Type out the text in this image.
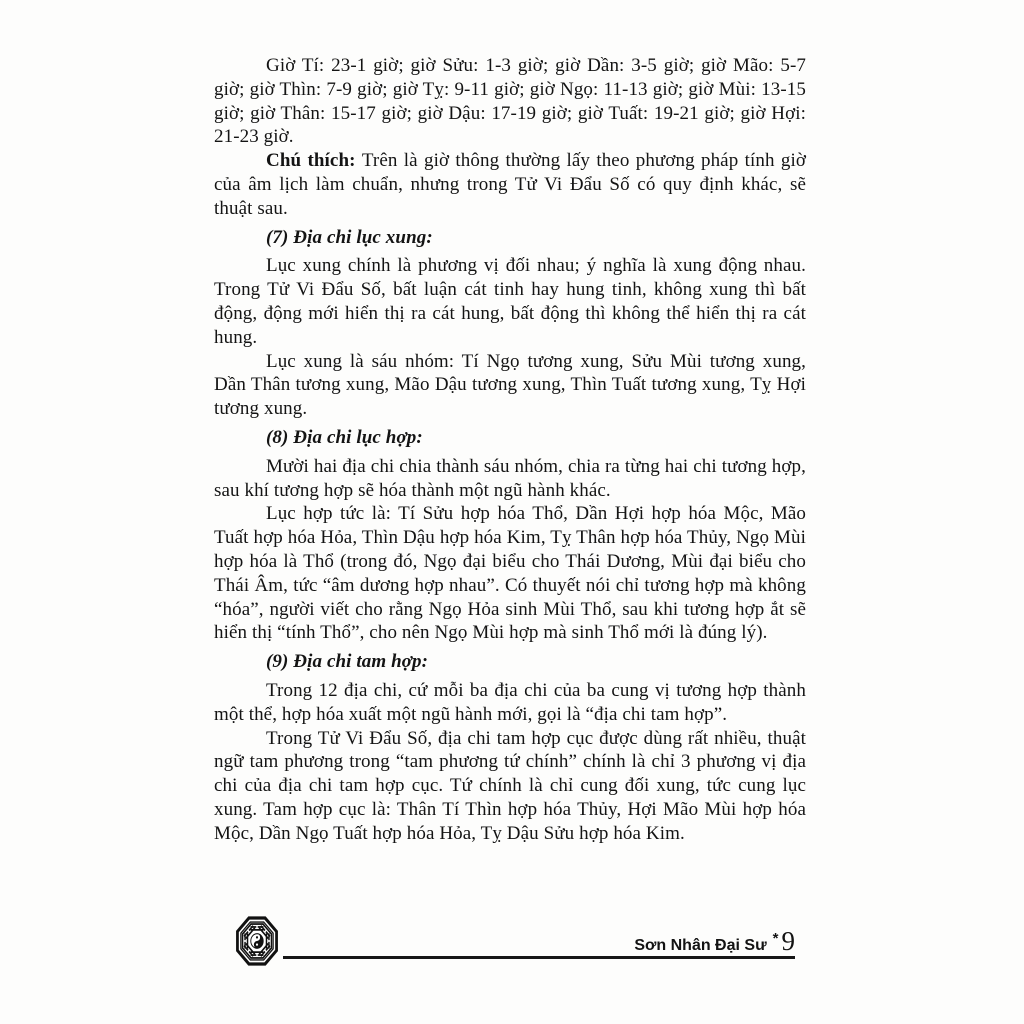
Giờ Tí: 23-1 giờ; giờ Sửu: 1-3 giờ; giờ Dần: 3-5 giờ; giờ Mão: 5-7 giờ; giờ Thìn: 7-9 giờ; giờ Tỵ: 9-11 giờ; giờ Ngọ: 11-13 giờ; giờ Mùi: 13-15 giờ; giờ Thân: 15-17 giờ; giờ Dậu: 17-19 giờ; giờ Tuất: 19-21 giờ; giờ Hợi: 21-23 giờ.

Chú thích: Trên là giờ thông thường lấy theo phương pháp tính giờ của âm lịch làm chuẩn, nhưng trong Tử Vi Đẩu Số có quy định khác, sẽ thuật sau.

(7) Địa chi lục xung:

Lục xung chính là phương vị đối nhau; ý nghĩa là xung động nhau. Trong Tử Vi Đẩu Số, bất luận cát tinh hay hung tinh, không xung thì bất động, động mới hiển thị ra cát hung, bất động thì không thể hiển thị ra cát hung.

Lục xung là sáu nhóm: Tí Ngọ tương xung, Sửu Mùi tương xung, Dần Thân tương xung, Mão Dậu tương xung, Thìn Tuất tương xung, Tỵ Hợi tương xung.

(8) Địa chi lục hợp:

Mười hai địa chi chia thành sáu nhóm, chia ra từng hai chi tương hợp, sau khí tương hợp sẽ hóa thành một ngũ hành khác.

Lục hợp tức là: Tí Sửu hợp hóa Thổ, Dần Hợi hợp hóa Mộc, Mão Tuất hợp hóa Hỏa, Thìn Dậu hợp hóa Kim, Tỵ Thân hợp hóa Thủy, Ngọ Mùi hợp hóa là Thổ (trong đó, Ngọ đại biểu cho Thái Dương, Mùi đại biểu cho Thái Âm, tức “âm dương hợp nhau”. Có thuyết nói chỉ tương hợp mà không “hóa”, người viết cho rằng Ngọ Hỏa sinh Mùi Thổ, sau khi tương hợp ắt sẽ hiển thị “tính Thổ”, cho nên Ngọ Mùi hợp mà sinh Thổ mới là đúng lý).

(9) Địa chi tam hợp:

Trong 12 địa chi, cứ mỗi ba địa chi của ba cung vị tương hợp thành một thể, hợp hóa xuất một ngũ hành mới, gọi là “địa chi tam hợp”.

Trong Tử Vi Đẩu Số, địa chi tam hợp cục được dùng rất nhiều, thuật ngữ tam phương trong “tam phương tứ chính” chính là chỉ 3 phương vị địa chi của địa chi tam hợp cục. Tứ chính là chỉ cung đối xung, tức cung lục xung. Tam hợp cục là: Thân Tí Thìn hợp hóa Thủy, Hợi Mão Mùi hợp hóa Mộc, Dần Ngọ Tuất hợp hóa Hỏa, Tỵ Dậu Sửu hợp hóa Kim.

Sơn Nhân Đại Sư * 9
